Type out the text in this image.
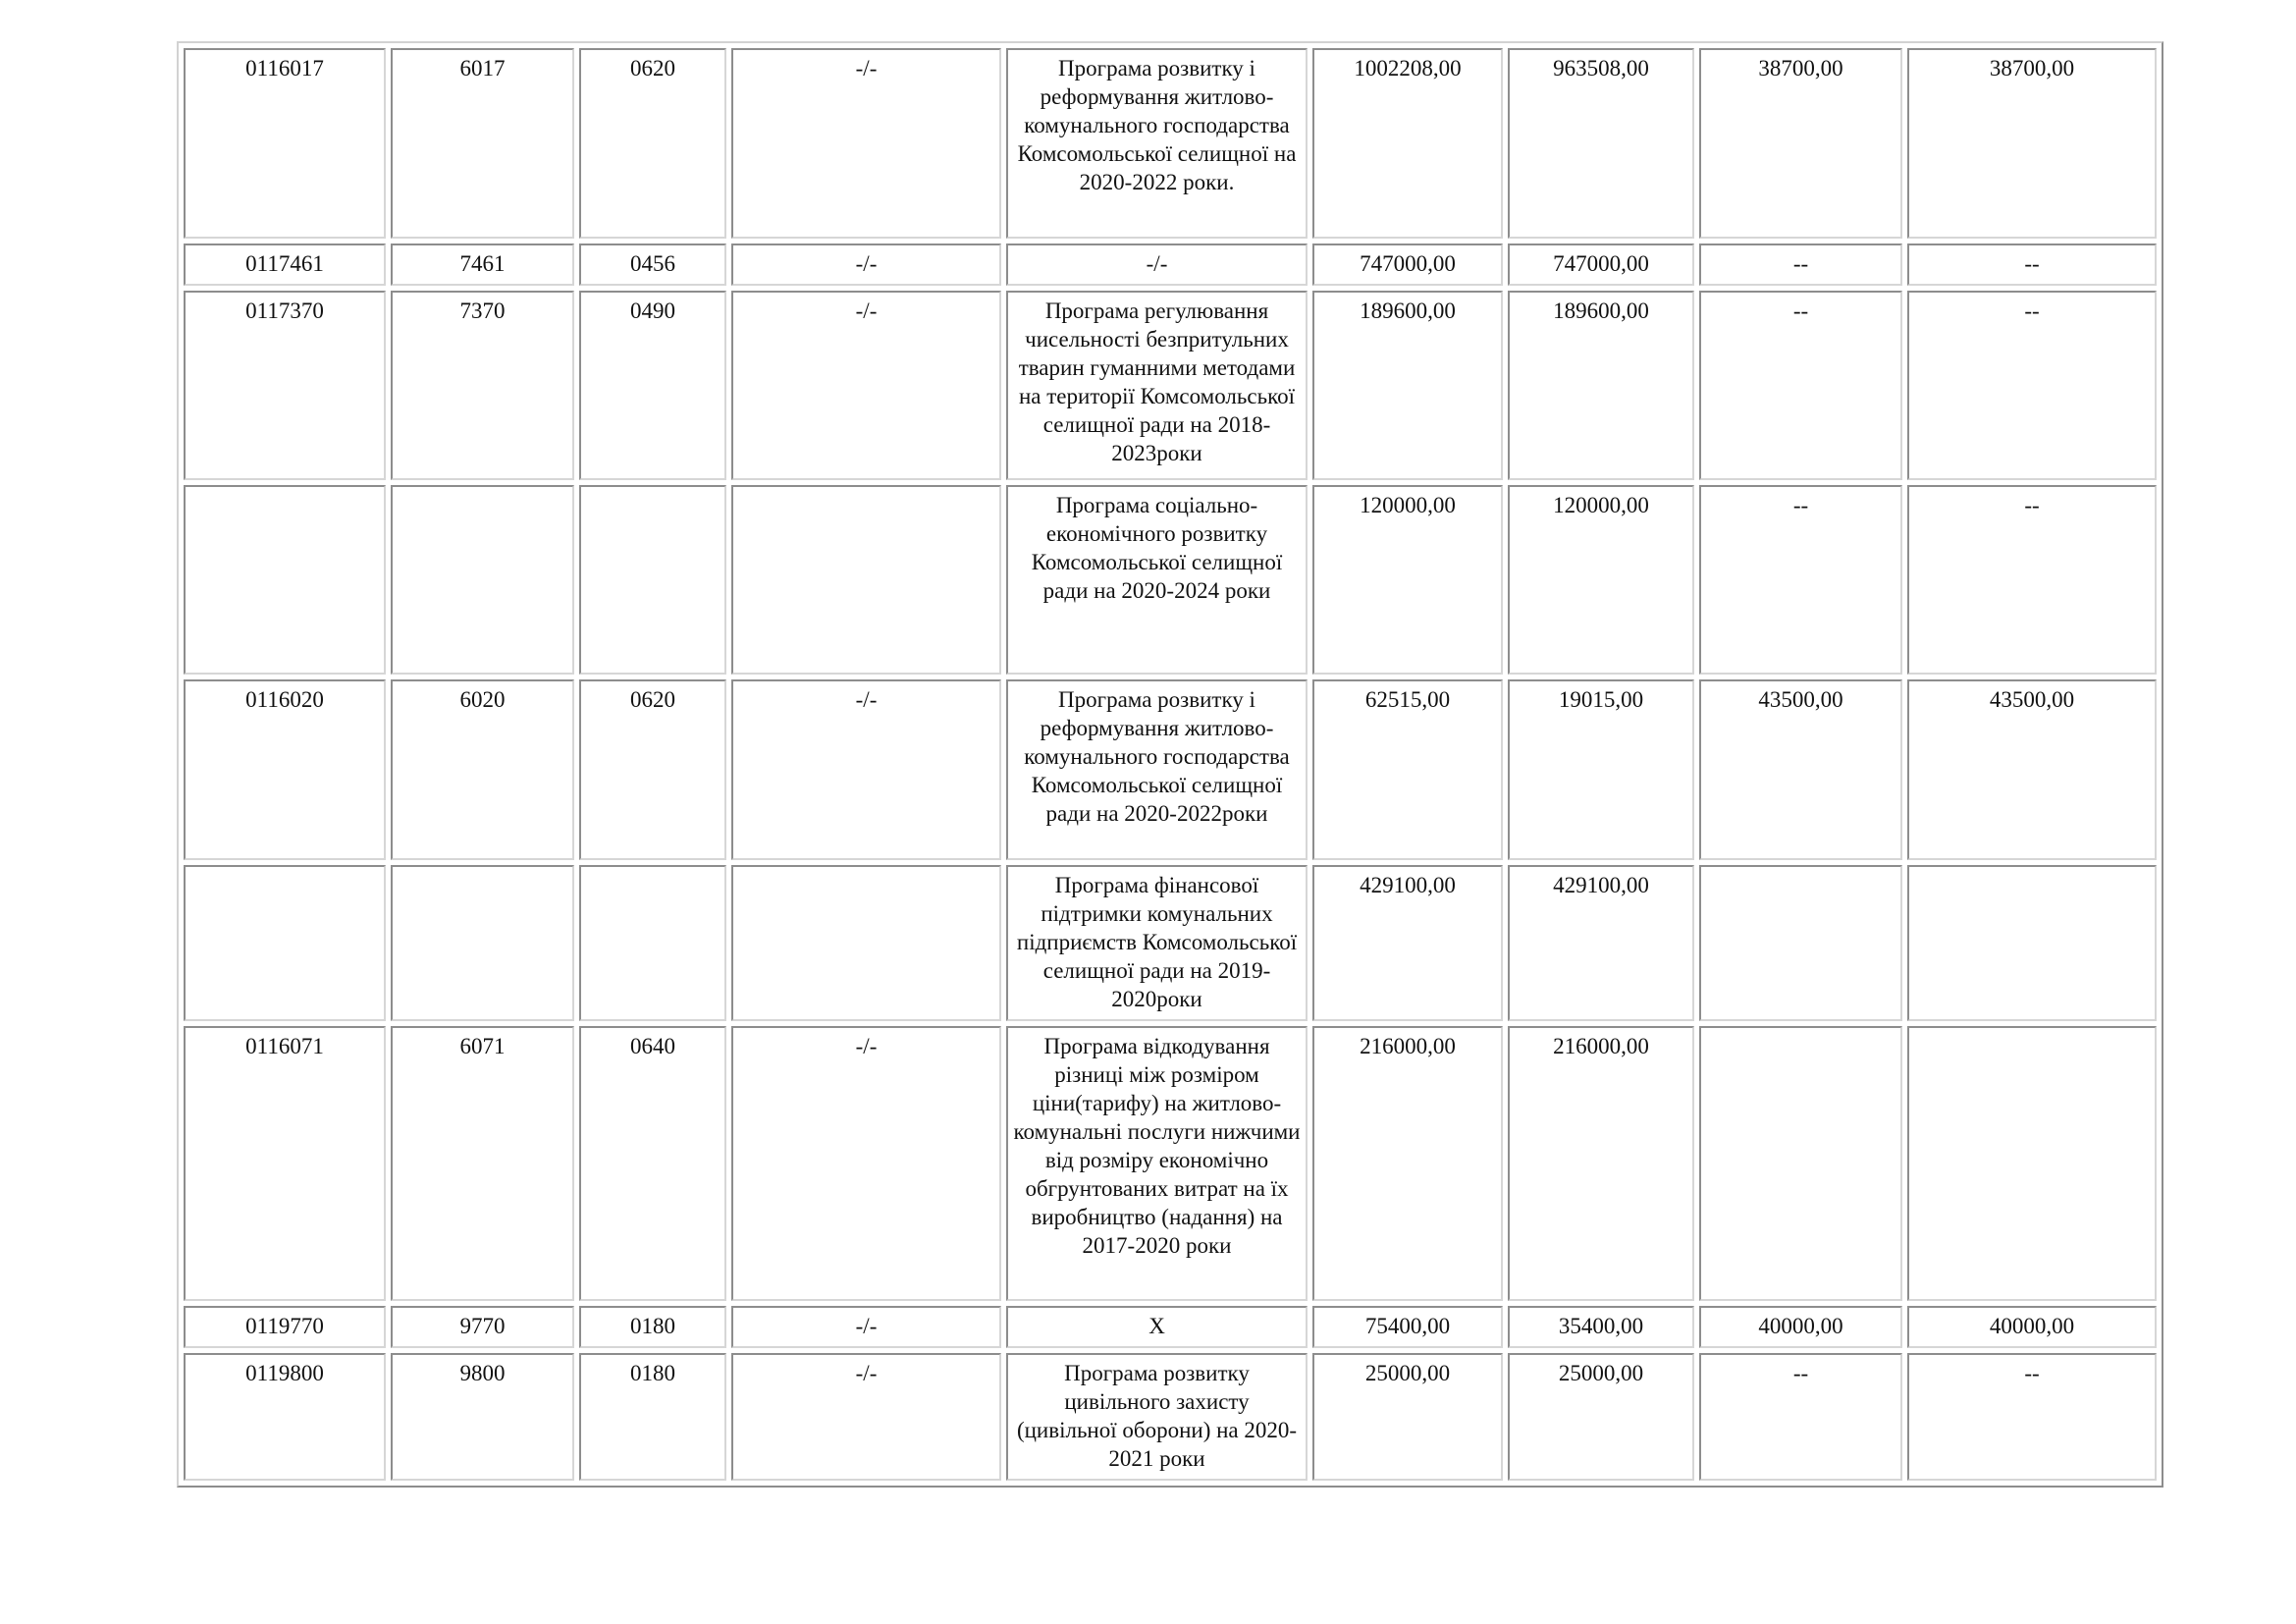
0116017	6017	0620	-/-	Програма розвитку і реформування житлово-комунального господарства Комсомольської селищної на 2020-2022 роки.	1002208,00	963508,00	38700,00	38700,00
0117461	7461	0456	-/-	-/-	747000,00	747000,00	--	--
0117370	7370	0490	-/-	Програма регулювання чисельності безпритульних тварин гуманними методами на території Комсомольської селищної ради на 2018-2023роки	189600,00	189600,00	--	--
				Програма соціально-економічного розвитку Комсомольської селищної ради на 2020-2024 роки	120000,00	120000,00	--	--
0116020	6020	0620	-/-	Програма розвитку і реформування житлово-комунального господарства Комсомольської селищної ради на 2020-2022роки	62515,00	19015,00	43500,00	43500,00
				Програма фінансової підтримки комунальних підприємств Комсомольської селищної ради на 2019-2020роки	429100,00	429100,00		
0116071	6071	0640	-/-	Програма відкодування різниці між розміром ціни(тарифу) на житлово-комунальні послуги нижчими від розміру економічно обгрунтованих витрат на їх виробництво (надання) на 2017-2020 роки	216000,00	216000,00		
0119770	9770	0180	-/-	X	75400,00	35400,00	40000,00	40000,00
0119800	9800	0180	-/-	Програма розвитку цивільного захисту (цивільної оборони) на 2020-2021 роки	25000,00	25000,00	--	--
